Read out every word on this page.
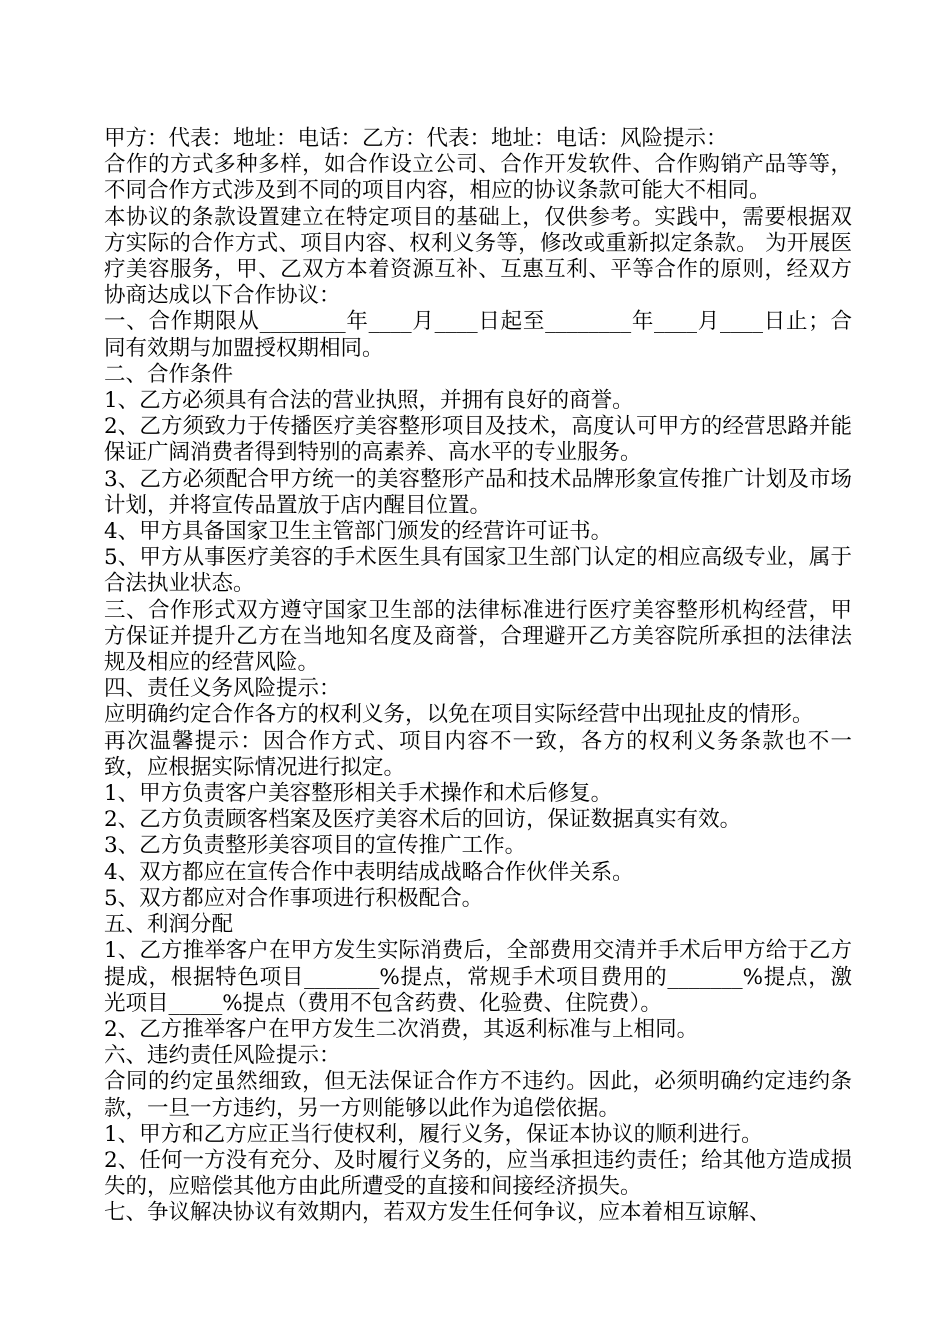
甲方：代表：地址：电话：乙方：代表：地址：电话：风险提示：

合作的方式多种多样，如合作设立公司、合作开发软件、合作购销产品等等，不同合作方式涉及到不同的项目内容，相应的协议条款可能大不相同。

本协议的条款设置建立在特定项目的基础上，仅供参考。实践中，需要根据双方实际的合作方式、项目内容、权利义务等，修改或重新拟定条款。 为开展医疗美容服务，甲、乙双方本着资源互补、互惠互利、平等合作的原则，经双方协商达成以下合作协议：

一、合作期限从________年____月____日起至________年____月____日止；合同有效期与加盟授权期相同。

二、合作条件

1、乙方必须具有合法的营业执照，并拥有良好的商誉。

2、乙方须致力于传播医疗美容整形项目及技术，高度认可甲方的经营思路并能保证广阔消费者得到特别的高素养、高水平的专业服务。

3、乙方必须配合甲方统一的美容整形产品和技术品牌形象宣传推广计划及市场计划，并将宣传品置放于店内醒目位置。

4、甲方具备国家卫生主管部门颁发的经营许可证书。

5、甲方从事医疗美容的手术医生具有国家卫生部门认定的相应高级专业，属于合法执业状态。

三、合作形式双方遵守国家卫生部的法律标准进行医疗美容整形机构经营，甲方保证并提升乙方在当地知名度及商誉，合理避开乙方美容院所承担的法律法规及相应的经营风险。

四、责任义务风险提示：

应明确约定合作各方的权利义务，以免在项目实际经营中出现扯皮的情形。

再次温馨提示：因合作方式、项目内容不一致，各方的权利义务条款也不一致，应根据实际情况进行拟定。

1、甲方负责客户美容整形相关手术操作和术后修复。

2、乙方负责顾客档案及医疗美容术后的回访，保证数据真实有效。

3、乙方负责整形美容项目的宣传推广工作。

4、双方都应在宣传合作中表明结成战略合作伙伴关系。

5、双方都应对合作事项进行积极配合。

五、利润分配

1、乙方推举客户在甲方发生实际消费后，全部费用交清并手术后甲方给于乙方提成，根据特色项目_______%提点，常规手术项目费用的_______%提点，激光项目_____%提点（费用不包含药费、化验费、住院费）。

2、乙方推举客户在甲方发生二次消费，其返利标准与上相同。

六、违约责任风险提示：

合同的约定虽然细致，但无法保证合作方不违约。因此，必须明确约定违约条款，一旦一方违约，另一方则能够以此作为追偿依据。

1、甲方和乙方应正当行使权利，履行义务，保证本协议的顺利进行。

2、任何一方没有充分、及时履行义务的，应当承担违约责任；给其他方造成损失的，应赔偿其他方由此所遭受的直接和间接经济损失。

七、争议解决协议有效期内，若双方发生任何争议，应本着相互谅解、
